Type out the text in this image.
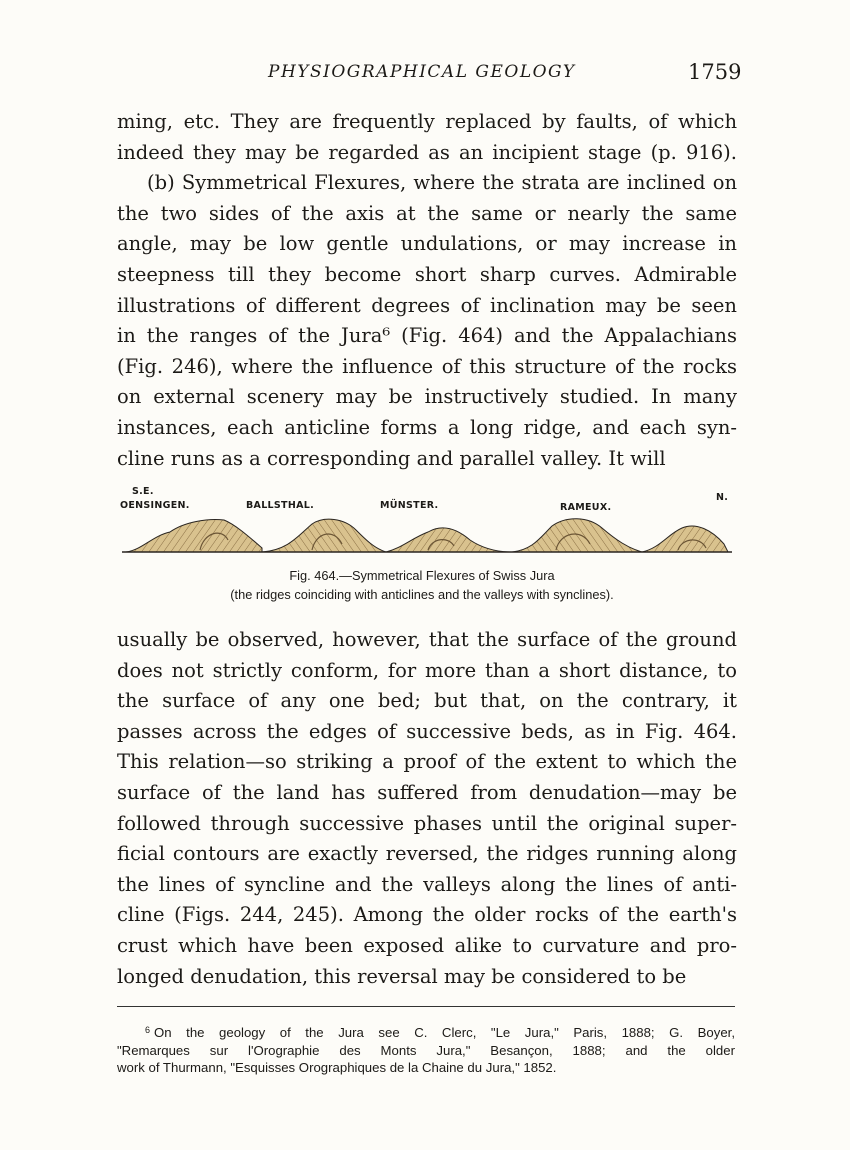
PHYSIOGRAPHICAL GEOLOGY	1759
ming, etc. They are frequently replaced by faults, of which
indeed they may be regarded as an incipient stage (p. 916).
(b) Symmetrical Flexures, where the strata are inclined on
the two sides of the axis at the same or nearly the same
angle, may be low gentle undulations, or may increase in
steepness till they become short sharp curves. Admirable
illustrations of different degrees of inclination may be seen
in the ranges of the Jura⁶ (Fig. 464) and the Appalachians
(Fig. 246), where the influence of this structure of the rocks
on external scenery may be instructively studied. In many
instances, each anticline forms a long ridge, and each syn-
cline runs as a corresponding and parallel valley. It will
S.E.
OENSINGEN.	BALLSTHAL.	MÜNSTER.	RAMEUX.
N.
Fig. 464.—Symmetrical Flexures of Swiss Jura
(the ridges coinciding with anticlines and the valleys with synclines).
usually be observed, however, that the surface of the ground
does not strictly conform, for more than a short distance, to
the surface of any one bed; but that, on the contrary, it
passes across the edges of successive beds, as in Fig. 464.
This relation—so striking a proof of the extent to which the
surface of the land has suffered from denudation—may be
followed through successive phases until the original super-
ficial contours are exactly reversed, the ridges running along
the lines of syncline and the valleys along the lines of anti-
cline (Figs. 244, 245). Among the older rocks of the earth's
crust which have been exposed alike to curvature and pro-
longed denudation, this reversal may be considered to be
$^6$ On the geology of the Jura see C. Clerc, "Le Jura," Paris, 1888; G. Boyer,
"Remarques sur l'Orographie des Monts Jura," Besançon, 1888; and the older
work of Thurmann, "Esquisses Orographiques de la Chaine du Jura," 1852.
